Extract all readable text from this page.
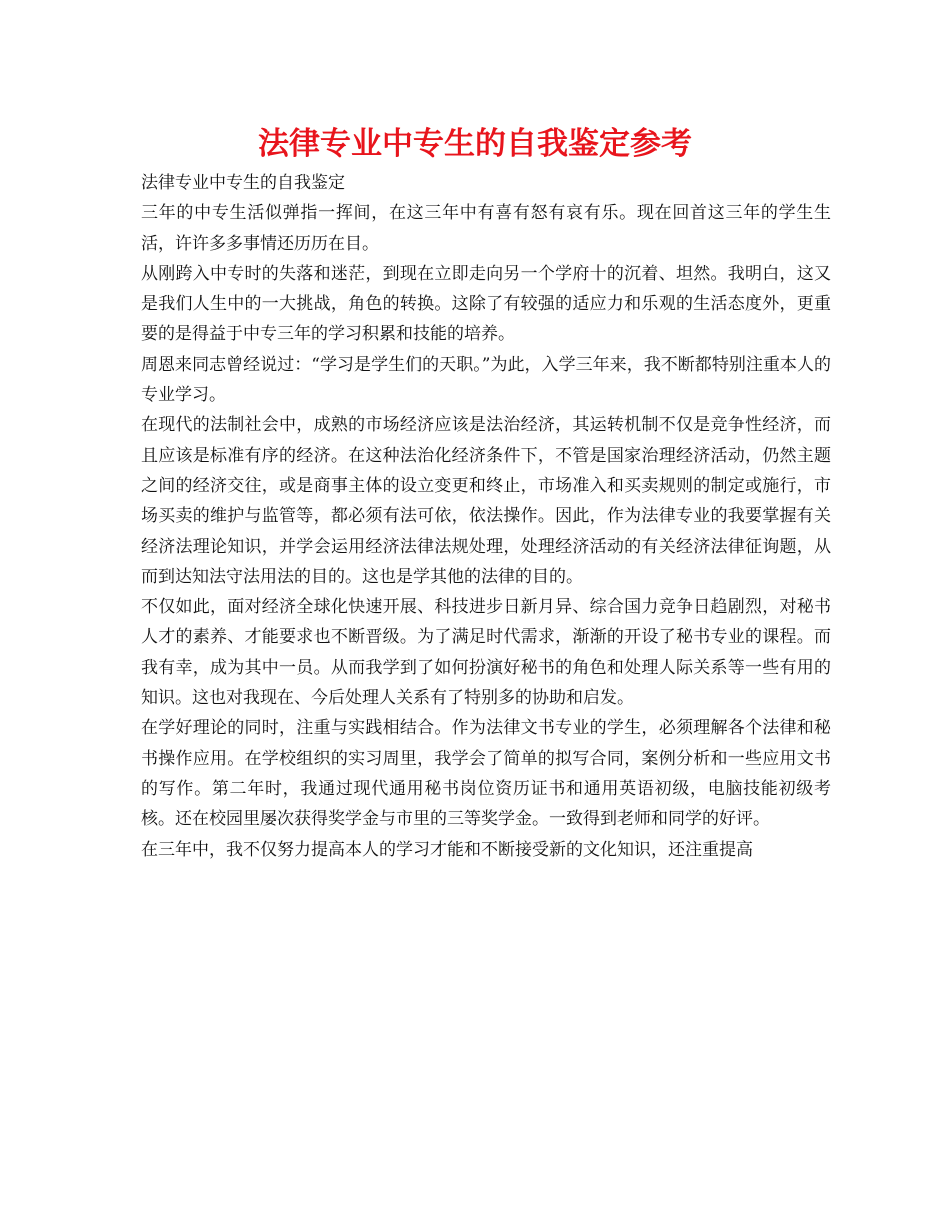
法律专业中专生的自我鉴定参考

法律专业中专生的自我鉴定

三年的中专生活似弹指一挥间，在这三年中有喜有怒有哀有乐。现在回首这三年的学生生活，许许多多事情还历历在目。

从刚跨入中专时的失落和迷茫，到现在立即走向另一个学府十的沉着、坦然。我明白，这又是我们人生中的一大挑战，角色的转换。这除了有较强的适应力和乐观的生活态度外，更重要的是得益于中专三年的学习积累和技能的培养。

周恩来同志曾经说过：“学习是学生们的天职。”为此，入学三年来，我不断都特别注重本人的专业学习。

在现代的法制社会中，成熟的市场经济应该是法治经济，其运转机制不仅是竞争性经济，而且应该是标准有序的经济。在这种法治化经济条件下，不管是国家治理经济活动，仍然主题之间的经济交往，或是商事主体的设立变更和终止，市场准入和买卖规则的制定或施行，市场买卖的维护与监管等，都必须有法可依，依法操作。因此，作为法律专业的我要掌握有关经济法理论知识，并学会运用经济法律法规处理，处理经济活动的有关经济法律征询题，从而到达知法守法用法的目的。这也是学其他的法律的目的。

不仅如此，面对经济全球化快速开展、科技进步日新月异、综合国力竞争日趋剧烈，对秘书人才的素养、才能要求也不断晋级。为了满足时代需求，渐渐的开设了秘书专业的课程。而我有幸，成为其中一员。从而我学到了如何扮演好秘书的角色和处理人际关系等一些有用的知识。这也对我现在、今后处理人关系有了特别多的协助和启发。

在学好理论的同时，注重与实践相结合。作为法律文书专业的学生，必须理解各个法律和秘书操作应用。在学校组织的实习周里，我学会了简单的拟写合同，案例分析和一些应用文书的写作。第二年时，我通过现代通用秘书岗位资历证书和通用英语初级，电脑技能初级考核。还在校园里屡次获得奖学金与市里的三等奖学金。一致得到老师和同学的好评。

在三年中，我不仅努力提高本人的学习才能和不断接受新的文化知识，还注重提高
